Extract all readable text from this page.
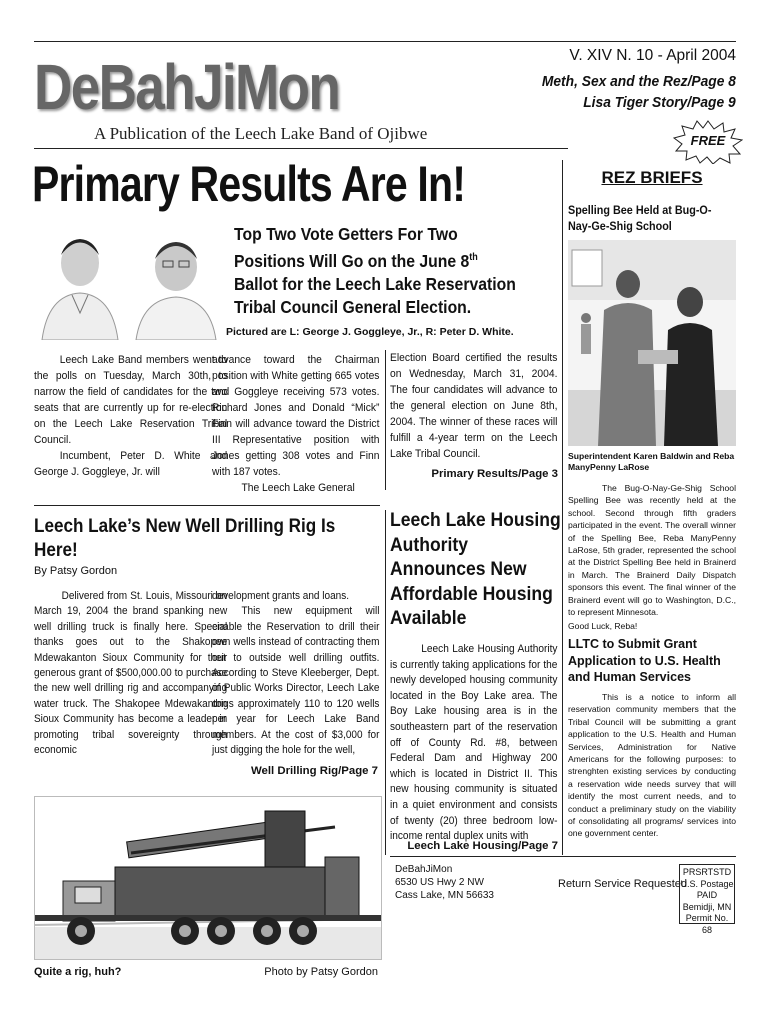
DeBahJiMon
A Publication of the Leech Lake Band of Ojibwe
V. XIV N. 10 - April 2004
Meth, Sex and the Rez/Page 8
Lisa Tiger Story/Page 9
FREE
Primary Results Are In!
Top Two Vote Getters For Two
Positions Will Go on the June 8th
Ballot for the Leech Lake Reservation
Tribal Council General Election.
Pictured are L: George J. Goggleye, Jr., R: Peter D. White.

Leech Lake Band members went to the polls on Tuesday, March 30th, to narrow the field of candidates for the two seats that are currently up for re-election on the Leech Lake Reservation Tribal Council.

Incumbent, Peter D. White and George J. Goggleye, Jr. will

advance toward the Chairman position with White getting 665 votes and Goggleye receiving 573 votes. Richard Jones and Donald “Mick” Finn will advance toward the District III Representative position with Jones getting 308 votes and Finn with 187 votes.

The Leech Lake General

Election Board certified the results on Wednesday, March 31, 2004. The four candidates will advance to the general election on June 8th, 2004. The winner of these races will fulfill a 4-year term on the Leech Lake Tribal Council.

Primary Results/Page 3
Leech Lake’s New Well Drilling Rig Is Here!
By Patsy Gordon

Delivered from St. Louis, Missouri on March 19, 2004 the brand spanking new well drilling truck is finally here. Special thanks goes out to the Shakopee Mdewakanton Sioux Community for their generous grant of $500,000.00 to purchase the new well drilling rig and accompanying water truck. The Shakopee Mdewakanton Sioux Community has become a leader in promoting tribal sovereignty through economic

development grants and loans.

This new equipment will enable the Reservation to drill their own wells instead of contracting them out to outside well drilling outfits. According to Steve Kleeberger, Dept. of Public Works Director, Leech Lake drigs approximately 110 to 120 wells per year for Leech Lake Band members. At the cost of $3,000 for just digging the hole for the well,

Well Drilling Rig/Page 7
Quite a rig, huh?	Photo by Patsy Gordon
Leech Lake Housing Authority Announces New Affordable Housing Available

Leech Lake Housing Authority is currently taking applications for the newly developed housing community located in the Boy Lake area. The Boy Lake housing area is in the southeastern part of the reservation off of County Rd. #8, between Federal Dam and Highway 200 which is located in District II. This new housing community is situated in a quiet environment and consists of twenty (20) three bedroom low-income rental duplex units with

Leech Lake Housing/Page 7
DeBahJiMon
6530 US Hwy 2 NW
Cass Lake, MN 56633
Return Service Requested
PRSRTSTD
U.S. Postage
PAID
Bemidji, MN
Permit No. 68
REZ BRIEFS
Spelling Bee Held at Bug-O-Nay-Ge-Shig School
Superintendent Karen Baldwin and Reba ManyPenny LaRose

The Bug-O-Nay-Ge-Shig School Spelling Bee was recently held at the school. Second through fifth graders participated in the event. The overall winner of the Spelling Bee, Reba ManyPenny LaRose, 5th grader, represented the school at the District Spelling Bee held in Brainerd in March. The Brainerd Daily Dispatch sponsors this event. The final winner of the Brainerd event will go to Washington, D.C., to represent Minnesota.

Good Luck, Reba!

LLTC to Submit Grant Application to U.S. Health and Human Services

This is a notice to inform all reservation community members that the Tribal Council will be submitting a grant application to the U.S. Health and Human Services, Administration for Native Americans for the following purposes: to strenghten existing services by conducting a reservation wide needs survey that will identify the most current needs, and to conduct a preliminary study on the viability of consolidating all programs/ services into one government center.
